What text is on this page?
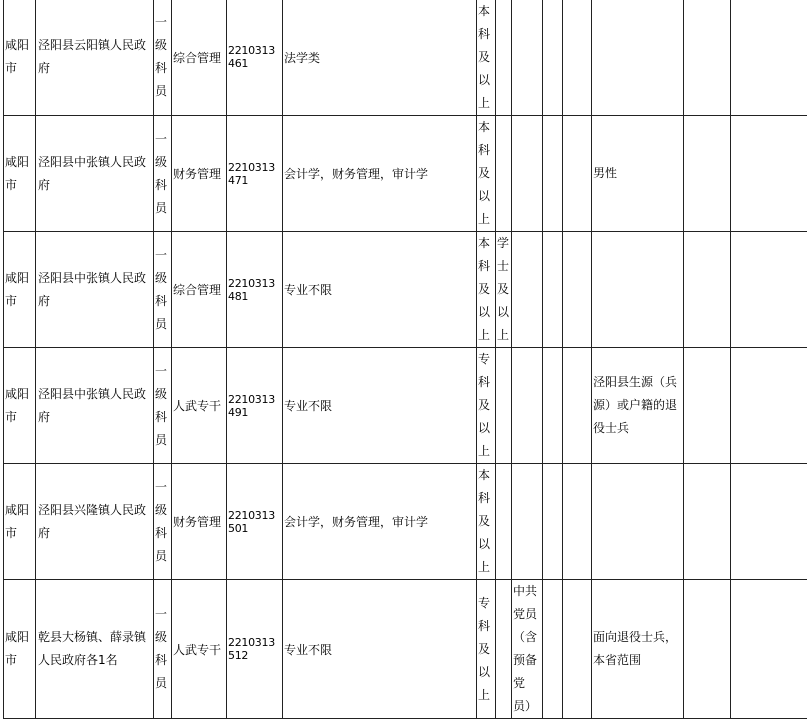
咸阳市	泾阳县云阳镇人民政府	一级科员	综合管理	2210313461	法学类	本科及以上							

咸阳市	泾阳县中张镇人民政府	一级科员	财务管理	2210313471	会计学，财务管理，审计学	本科及以上					男性		

咸阳市	泾阳县中张镇人民政府	一级科员	综合管理	2210313481	专业不限	本科及以上	学士及以上						

咸阳市	泾阳县中张镇人民政府	一级科员	人武专干	2210313491	专业不限	专科及以上					泾阳县生源（兵源）或户籍的退役士兵		

咸阳市	泾阳县兴隆镇人民政府	一级科员	财务管理	2210313501	会计学，财务管理，审计学	本科及以上							

咸阳市	乾县大杨镇、薛录镇人民政府各1名	一级科员	人武专干	2210313512	专业不限	专科及以上		中共党员（含预备党员）			面向退役士兵，本省范围		
